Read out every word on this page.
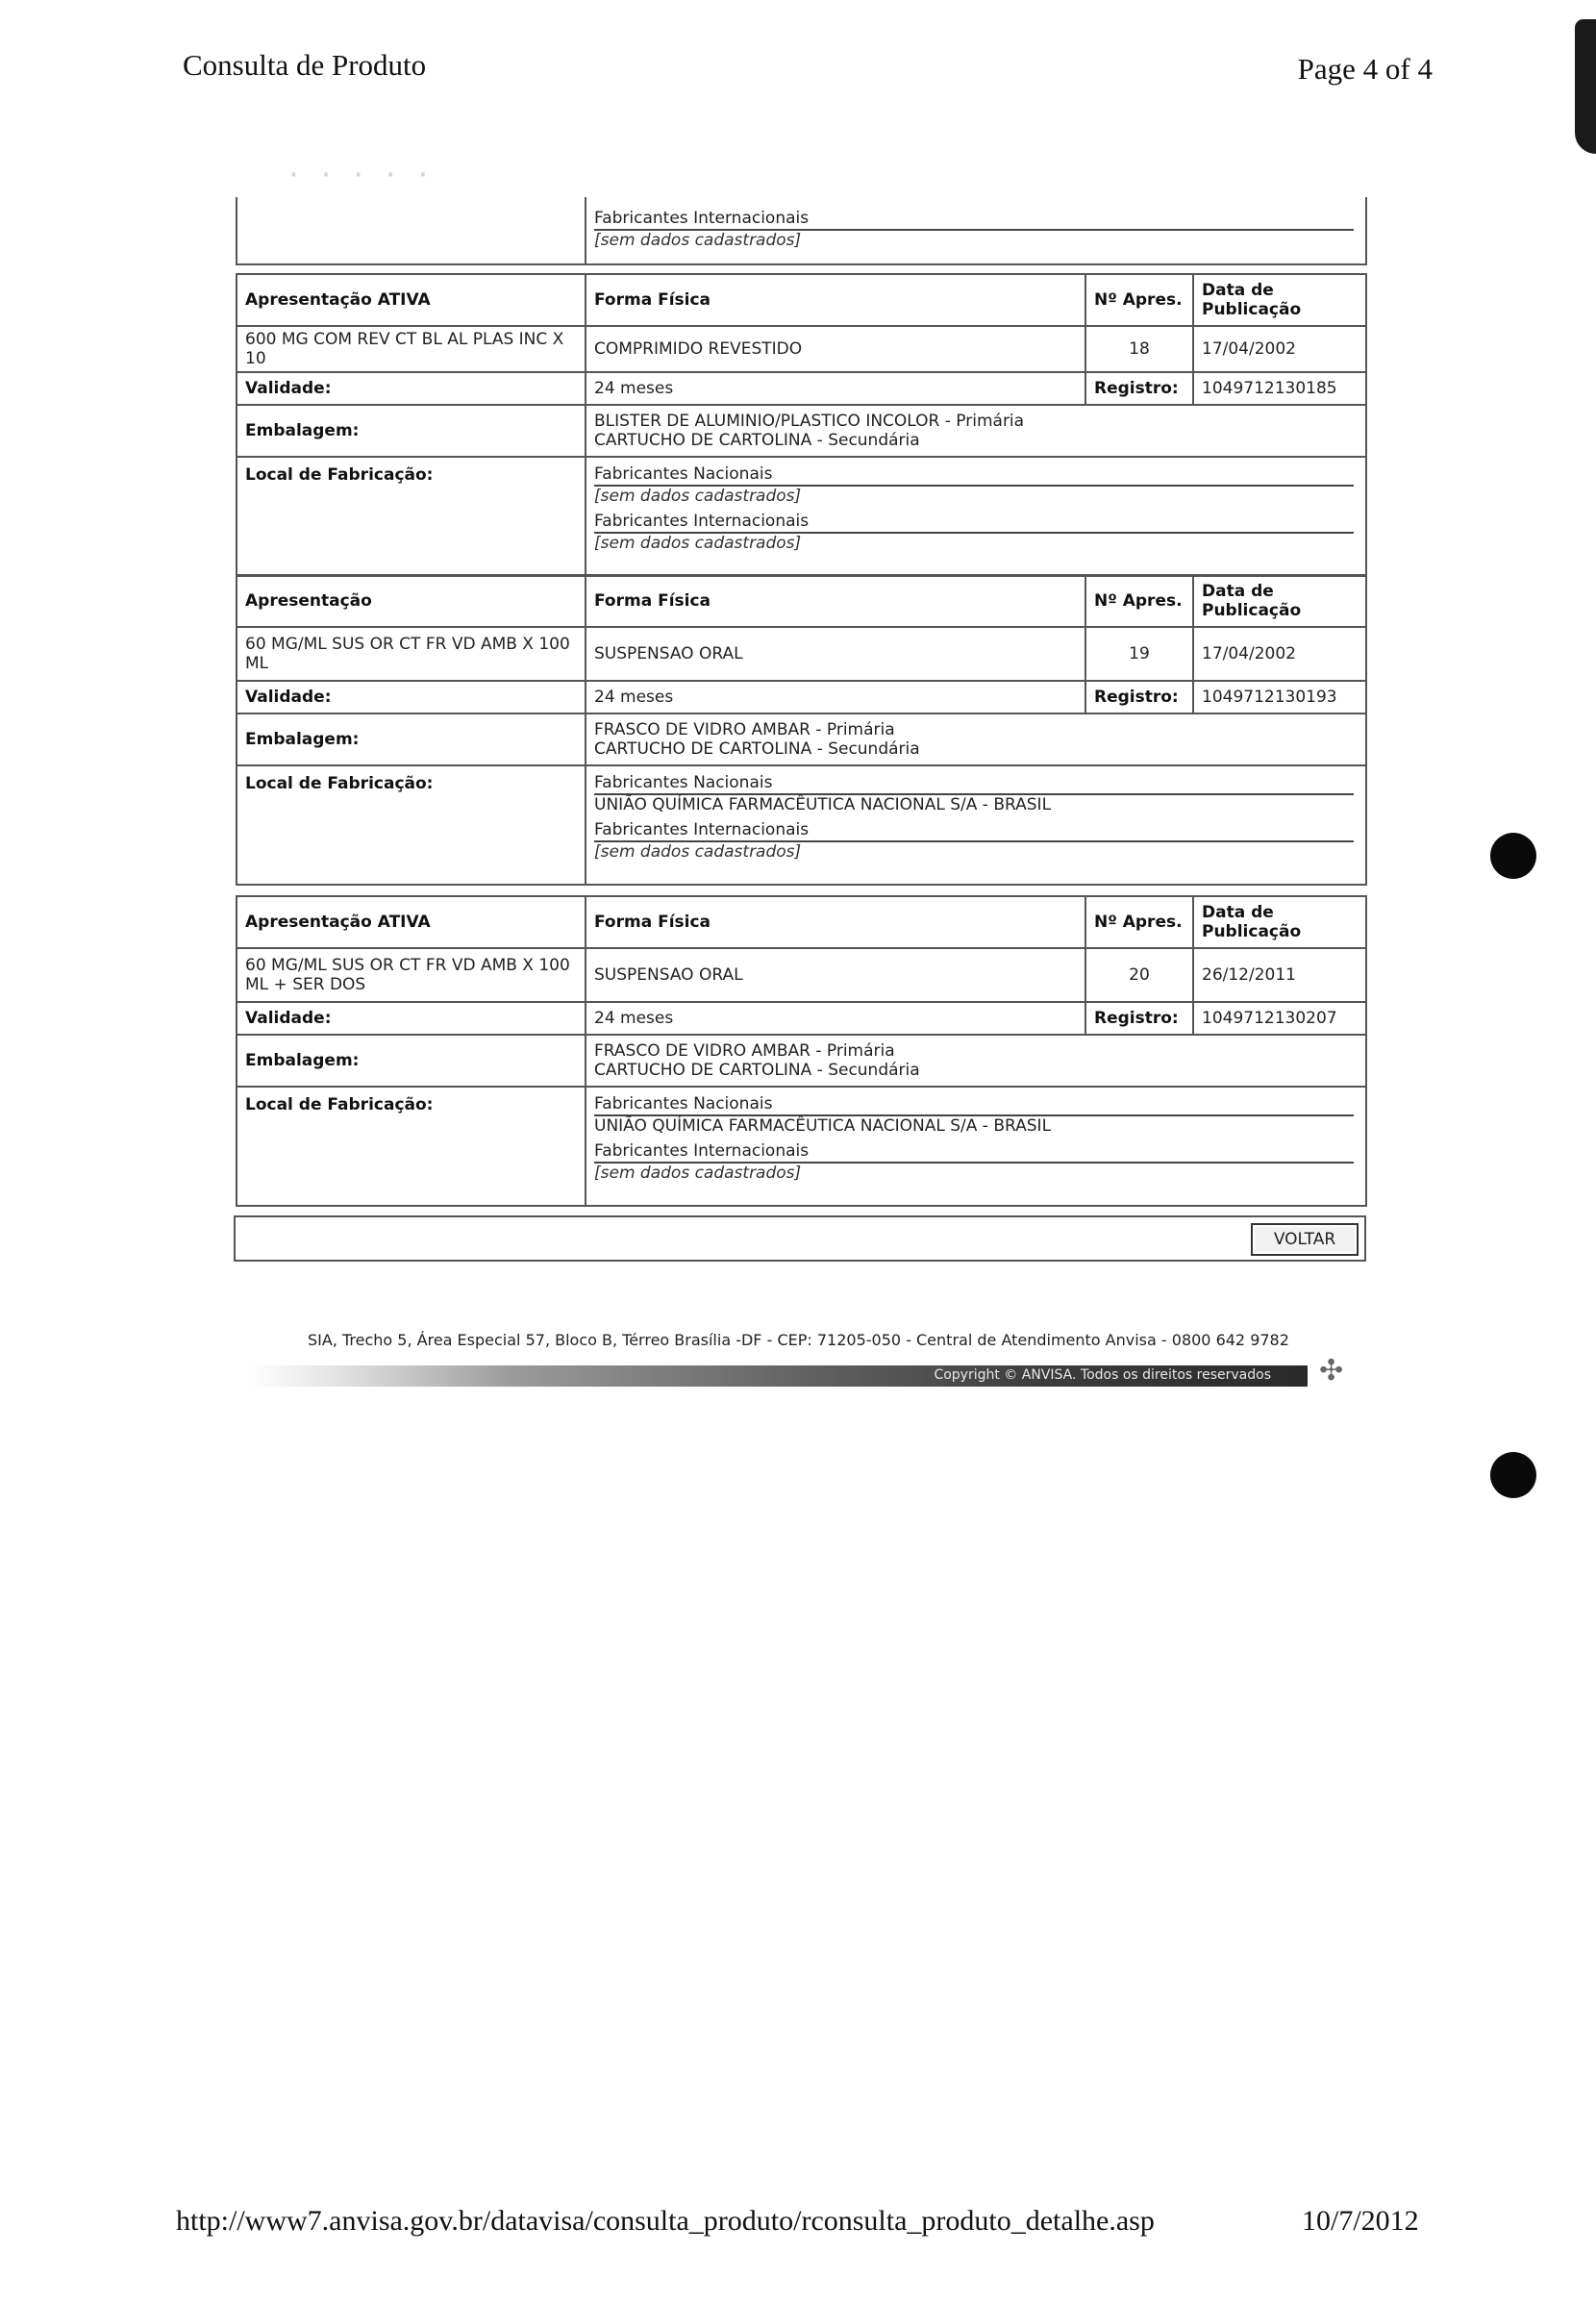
· · · · ·
Consulta de Produto	Page 4 of 4

Fabricantes Internacionais
[sem dados cadastrados]
Apresentação ATIVA	Forma Física	Nº Apres.	Data de Publicação
600 MG COM REV CT BL AL PLAS INC X 10	COMPRIMIDO REVESTIDO	18	17/04/2002
Validade:	24 meses	Registro:	1049712130185
Embalagem:	BLISTER DE ALUMINIO/PLASTICO INCOLOR - Primária
CARTUCHO DE CARTOLINA - Secundária		

Local de Fabricação:	Fabricantes Nacionais
[sem dados cadastrados]
Fabricantes Internacionais
[sem dados cadastrados]		
Apresentação	Forma Física	Nº Apres.	Data de Publicação
60 MG/ML SUS OR CT FR VD AMB X 100 ML	SUSPENSAO ORAL	19	17/04/2002
Validade:	24 meses	Registro:	1049712130193
Embalagem:	FRASCO DE VIDRO AMBAR - Primária
CARTUCHO DE CARTOLINA - Secundária		

Local de Fabricação:	Fabricantes Nacionais
UNIÃO QUÍMICA FARMACÊUTICA NACIONAL S/A - BRASIL
Fabricantes Internacionais
[sem dados cadastrados]		
Apresentação ATIVA	Forma Física	Nº Apres.	Data de Publicação
60 MG/ML SUS OR CT FR VD AMB X 100 ML + SER DOS	SUSPENSAO ORAL	20	26/12/2011
Validade:	24 meses	Registro:	1049712130207
Embalagem:	FRASCO DE VIDRO AMBAR - Primária
CARTUCHO DE CARTOLINA - Secundária		

Local de Fabricação:	Fabricantes Nacionais
UNIÃO QUÍMICA FARMACÊUTICA NACIONAL S/A - BRASIL
Fabricantes Internacionais
[sem dados cadastrados]		
VOLTAR
SIA, Trecho 5, Área Especial 57, Bloco B, Térreo Brasília -DF - CEP: 71205-050 - Central de Atendimento Anvisa - 0800 642 9782
Copyright © ANVISA. Todos os direitos reservados ✣
http://www7.anvisa.gov.br/datavisa/consulta_produto/rconsulta_produto_detalhe.asp	10/7/2012
